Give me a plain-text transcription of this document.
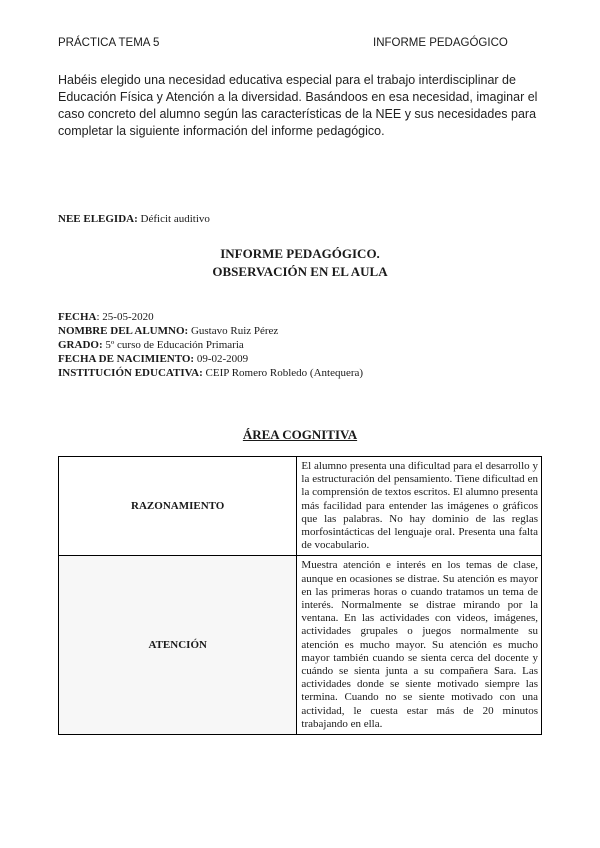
PRÁCTICA TEMA 5	INFORME PEDAGÓGICO
Habéis elegido una necesidad educativa especial para el trabajo interdisciplinar de Educación Física y Atención a la diversidad. Basándoos en esa necesidad, imaginar el caso concreto del alumno según las características de la NEE y sus necesidades para completar la siguiente información del informe pedagógico.
NEE ELEGIDA: Déficit auditivo
INFORME PEDAGÓGICO.
OBSERVACIÓN EN EL AULA
FECHA: 25-05-2020
NOMBRE DEL ALUMNO: Gustavo Ruiz Pérez
GRADO: 5º curso de Educación Primaria
FECHA DE NACIMIENTO: 09-02-2009
INSTITUCIÓN EDUCATIVA: CEIP Romero Robledo (Antequera)
ÁREA COGNITIVA
RAZONAMIENTO	El alumno presenta una dificultad para el desarrollo y la estructuración del pensamiento. Tiene dificultad en la comprensión de textos escritos. El alumno presenta más facilidad para entender las imágenes o gráficos que las palabras. No hay dominio de las reglas morfosintácticas del lenguaje oral. Presenta una falta de vocabulario.
ATENCIÓN	Muestra atención e interés en los temas de clase, aunque en ocasiones se distrae. Su atención es mayor en las primeras horas o cuando tratamos un tema de interés. Normalmente se distrae mirando por la ventana. En las actividades con videos, imágenes, actividades grupales o juegos normalmente su atención es mucho mayor. Su atención es mucho mayor también cuando se sienta cerca del docente y cuándo se sienta junta a su compañera Sara. Las actividades donde se siente motivado siempre las termina. Cuando no se siente motivado con una actividad, le cuesta estar más de 20 minutos trabajando en ella.
